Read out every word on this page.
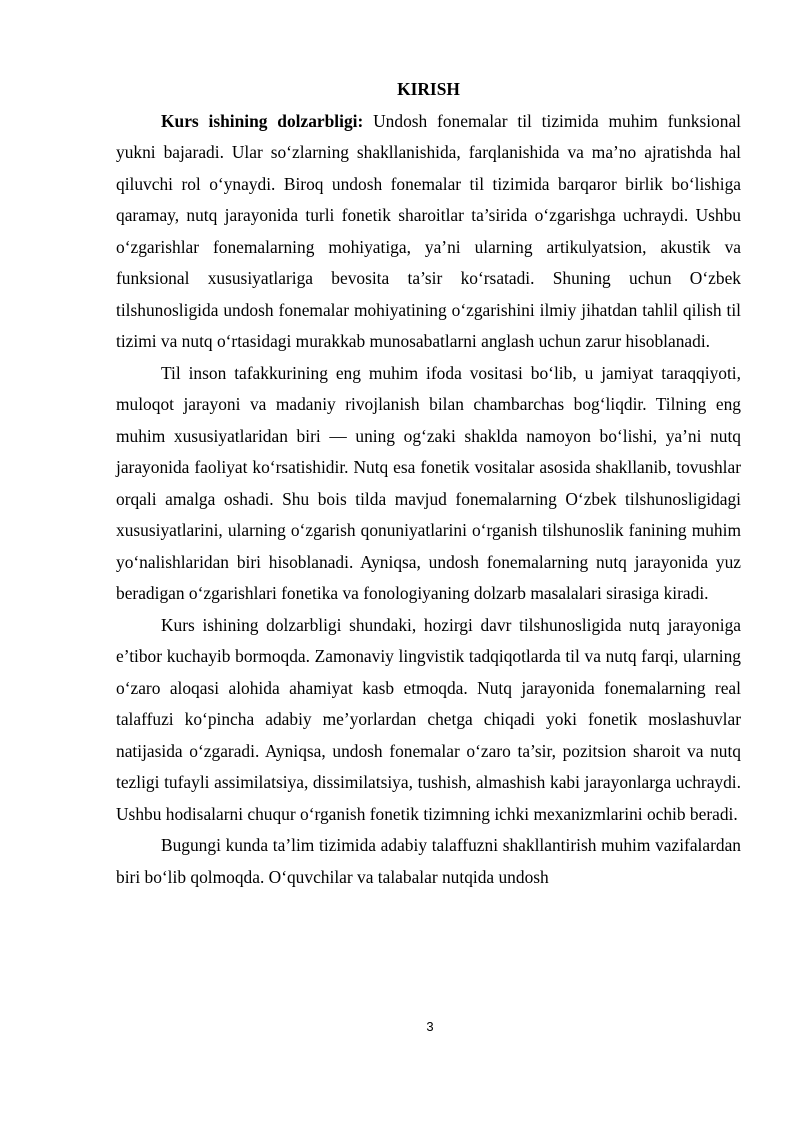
KIRISH

Kurs ishining dolzarbligi: Undosh fonemalar til tizimida muhim funksional yukni bajaradi. Ular so‘zlarning shakllanishida, farqlanishida va ma’no ajratishda hal qiluvchi rol o‘ynaydi. Biroq undosh fonemalar til tizimida barqaror birlik bo‘lishiga qaramay, nutq jarayonida turli fonetik sharoitlar ta’sirida o‘zgarishga uchraydi. Ushbu o‘zgarishlar fonemalarning mohiyatiga, ya’ni ularning artikulyatsion, akustik va funksional xususiyatlariga bevosita ta’sir ko‘rsatadi. Shuning uchun O‘zbek tilshunosligida undosh fonemalar mohiyatining o‘zgarishini ilmiy jihatdan tahlil qilish til tizimi va nutq o‘rtasidagi murakkab munosabatlarni anglash uchun zarur hisoblanadi.

Til inson tafakkurining eng muhim ifoda vositasi bo‘lib, u jamiyat taraqqiyoti, muloqot jarayoni va madaniy rivojlanish bilan chambarchas bog‘liqdir. Tilning eng muhim xususiyatlaridan biri — uning og‘zaki shaklda namoyon bo‘lishi, ya’ni nutq jarayonida faoliyat ko‘rsatishidir. Nutq esa fonetik vositalar asosida shakllanib, tovushlar orqali amalga oshadi. Shu bois tilda mavjud fonemalarning O‘zbek tilshunosligidagi xususiyatlarini, ularning o‘zgarish qonuniyatlarini o‘rganish tilshunoslik fanining muhim yo‘nalishlaridan biri hisoblanadi. Ayniqsa, undosh fonemalarning nutq jarayonida yuz beradigan o‘zgarishlari fonetika va fonologiyaning dolzarb masalalari sirasiga kiradi.

Kurs ishining dolzarbligi shundaki, hozirgi davr tilshunosligida nutq jarayoniga e’tibor kuchayib bormoqda. Zamonaviy lingvistik tadqiqotlarda til va nutq farqi, ularning o‘zaro aloqasi alohida ahamiyat kasb etmoqda. Nutq jarayonida fonemalarning real talaffuzi ko‘pincha adabiy me’yorlardan chetga chiqadi yoki fonetik moslashuvlar natijasida o‘zgaradi. Ayniqsa, undosh fonemalar o‘zaro ta’sir, pozitsion sharoit va nutq tezligi tufayli assimilatsiya, dissimilatsiya, tushish, almashish kabi jarayonlarga uchraydi. Ushbu hodisalarni chuqur o‘rganish fonetik tizimning ichki mexanizmlarini ochib beradi.

Bugungi kunda ta’lim tizimida adabiy talaffuzni shakllantirish muhim vazifalardan biri bo‘lib qolmoqda. O‘quvchilar va talabalar nutqida undosh

3
